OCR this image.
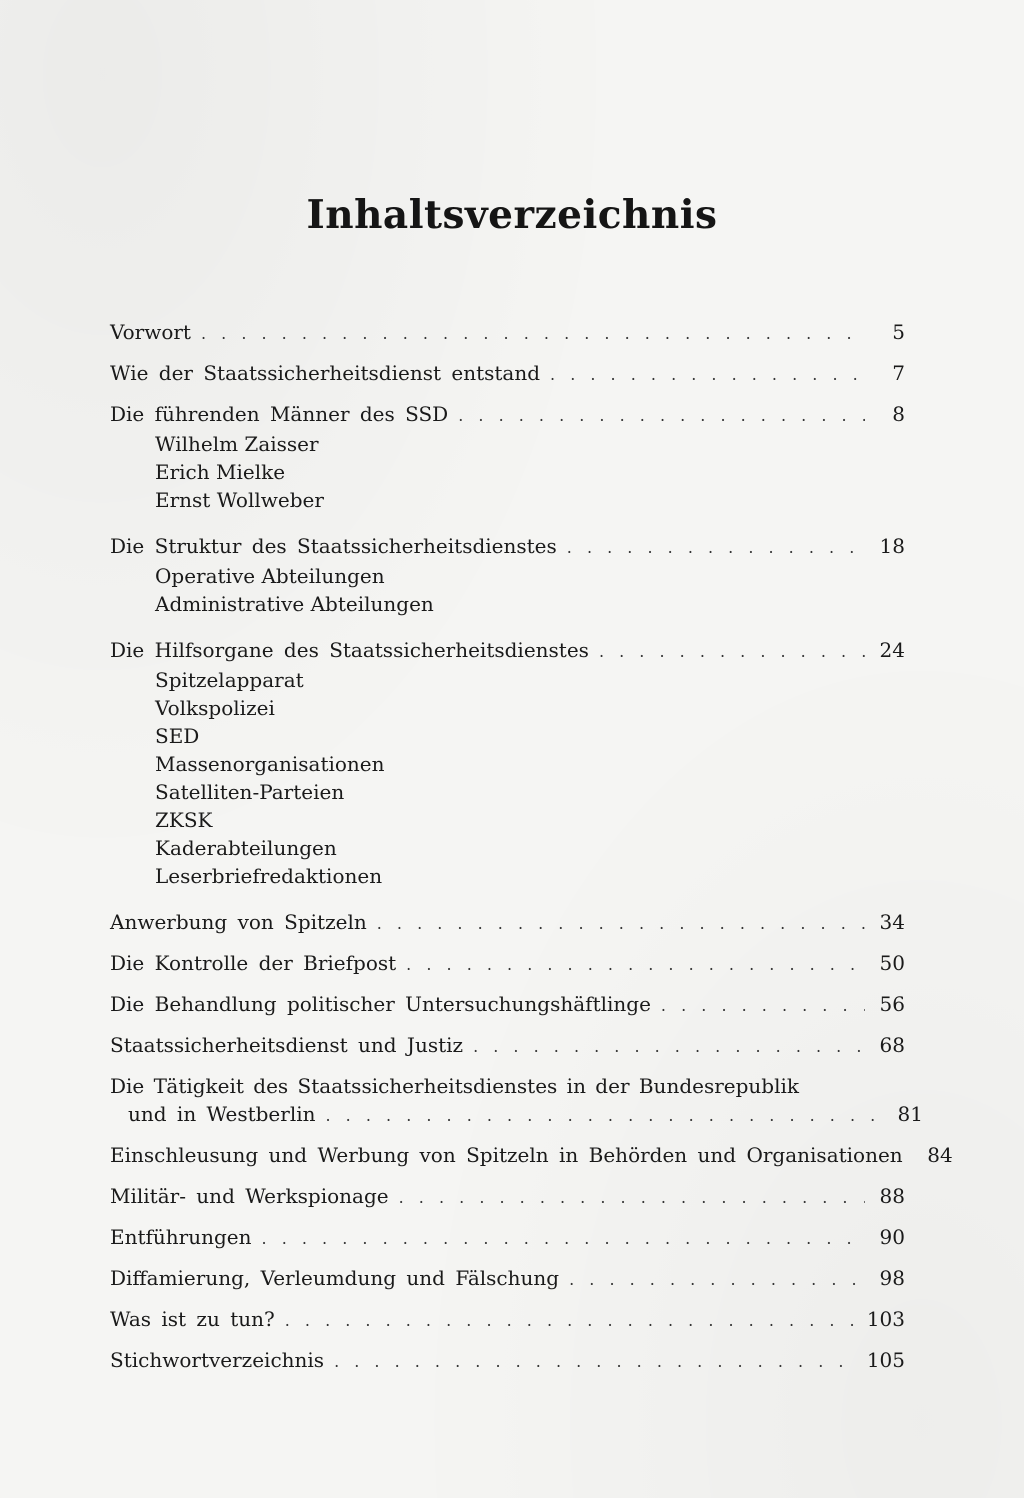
Inhaltsverzeichnis
Vorwort . . .	5
Wie der Staatssicherheitsdienst entstand . . .	7
Die führenden Männer des SSD . . .	8
Wilhelm Zaisser
Erich Mielke
Ernst Wollweber
Die Struktur des Staatssicherheitsdienstes . . .	18
Operative Abteilungen
Administrative Abteilungen
Die Hilfsorgane des Staatssicherheitsdienstes . . .	24
Spitzelapparat
Volkspolizei
SED
Massenorganisationen
Satelliten-Parteien
ZKSK
Kaderabteilungen
Leserbriefredaktionen
Anwerbung von Spitzeln . . .	34
Die Kontrolle der Briefpost . . .	50
Die Behandlung politischer Untersuchungshäftlinge . . .	56
Staatssicherheitsdienst und Justiz . . .	68
Die Tätigkeit des Staatssicherheitsdienstes in der Bundesrepublik
und in Westberlin . . .	81
Einschleusung und Werbung von Spitzeln in Behörden und Organisationen 84
Militär- und Werkspionage . . .	88
Entführungen . . .	90
Diffamierung, Verleumdung und Fälschung . . .	98
Was ist zu tun? . . .	103
Stichwortverzeichnis . . .	105
